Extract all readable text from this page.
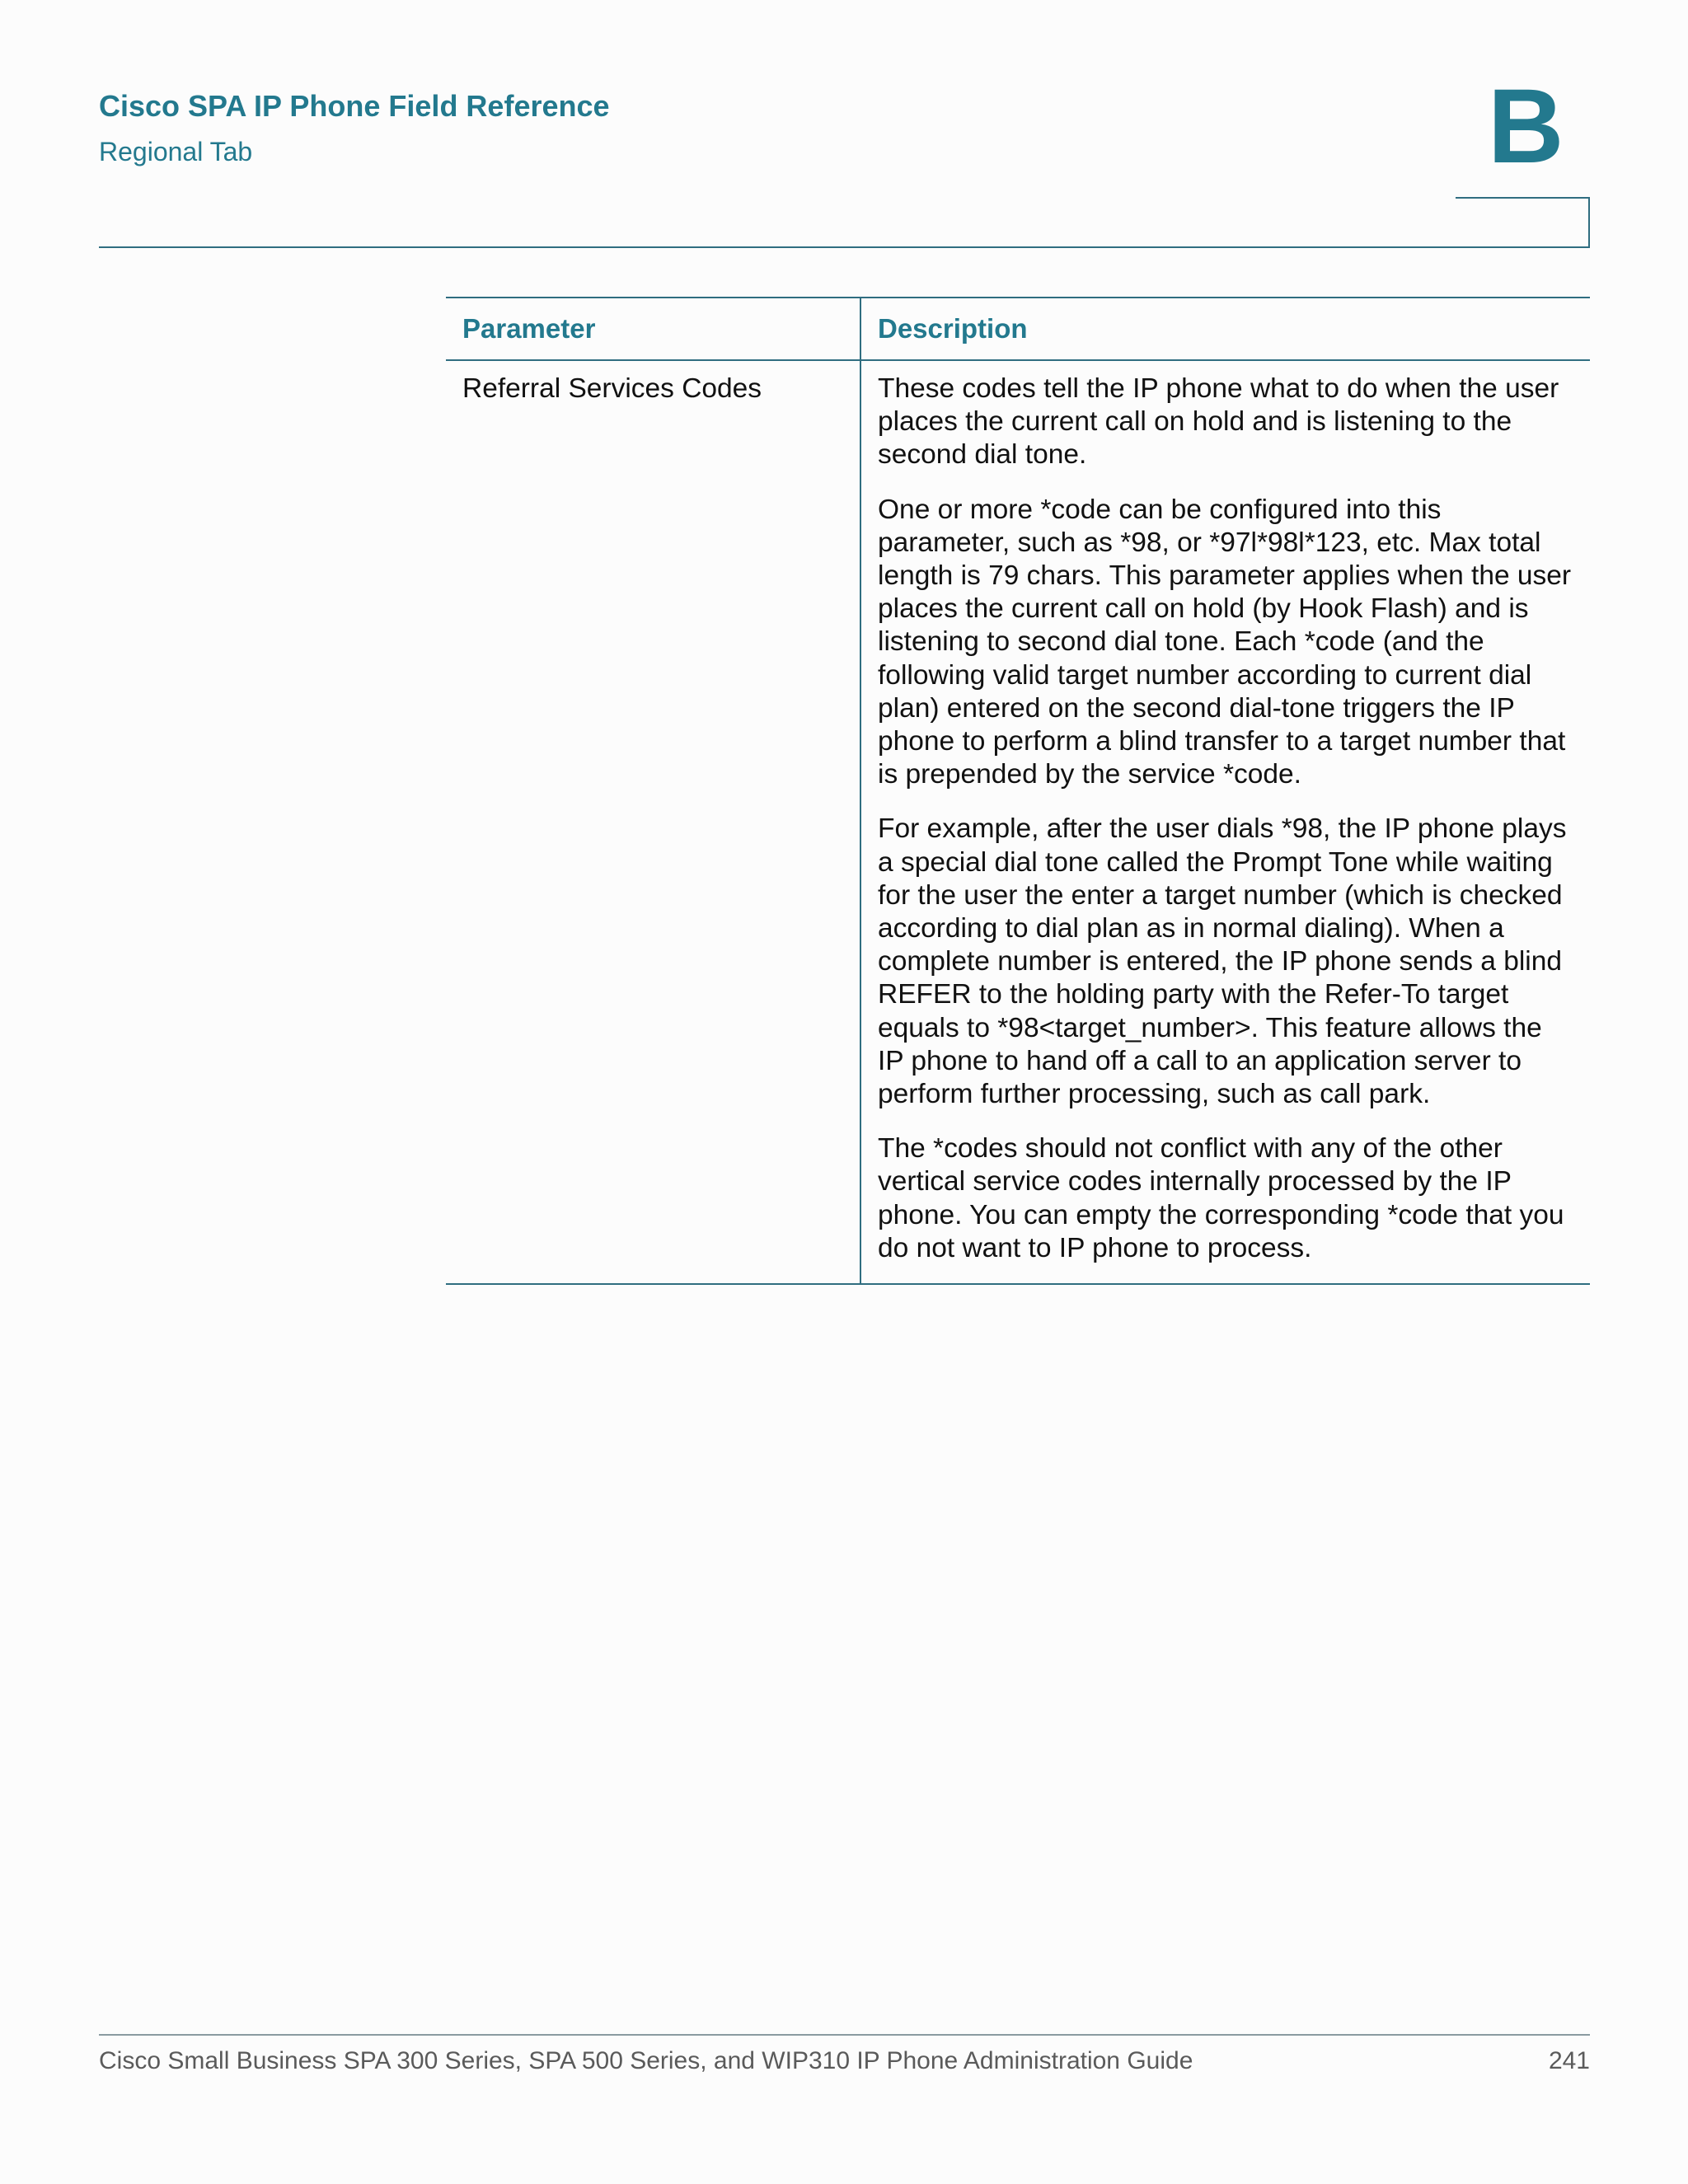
Cisco SPA IP Phone Field Reference
Regional Tab	B
Parameter	Description
Referral Services Codes	These codes tell the IP phone what to do when the user places the current call on hold and is listening to the second dial tone.

One or more *code can be configured into this parameter, such as *98, or *97l*98l*123, etc. Max total length is 79 chars. This parameter applies when the user places the current call on hold (by Hook Flash) and is listening to second dial tone. Each *code (and the following valid target number according to current dial plan) entered on the second dial-tone triggers the IP phone to perform a blind transfer to a target number that is prepended by the service *code.

For example, after the user dials *98, the IP phone plays a special dial tone called the Prompt Tone while waiting for the user the enter a target number (which is checked according to dial plan as in normal dialing). When a complete number is entered, the IP phone sends a blind REFER to the holding party with the Refer-To target equals to *98<target_number>. This feature allows the IP phone to hand off a call to an application server to perform further processing, such as call park.

The *codes should not conflict with any of the other vertical service codes internally processed by the IP phone. You can empty the corresponding *code that you do not want to IP phone to process.

Cisco Small Business SPA 300 Series, SPA 500 Series, and WIP310 IP Phone Administration Guide	241
